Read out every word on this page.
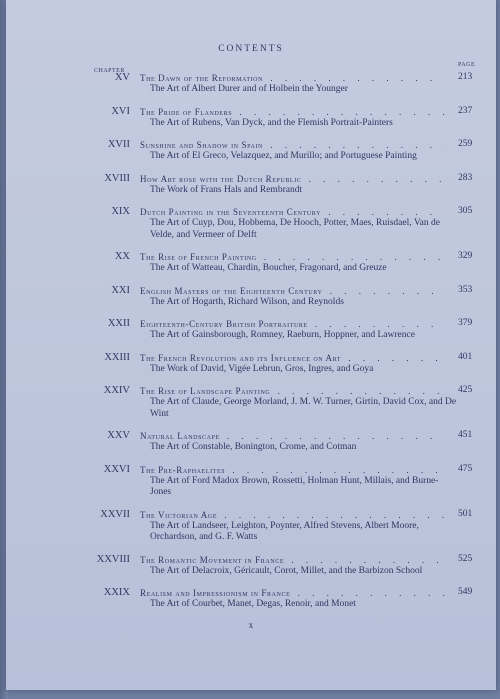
CONTENTS
PAGE
CHAPTER
XV The Dawn of the Reformation . . .	213
The Art of Albert Durer and of Holbein the Younger
XVI The Pride of Flanders . . .	237
The Art of Rubens, Van Dyck, and the Flemish Portrait-Painters
XVII Sunshine and Shadow in Spain . . .	259
The Art of El Greco, Velazquez, and Murillo; and Portuguese Painting
XVIII How Art rose with the Dutch Republic . . .	283
The Work of Frans Hals and Rembrandt
XIX Dutch Painting in the Seventeenth Century . . .	305
The Art of Cuyp, Dou, Hobbema, De Hooch, Potter, Maes, Ruisdael, Van de Velde, and Vermeer of Delft
XX The Rise of French Painting . . .	329
The Art of Watteau, Chardin, Boucher, Fragonard, and Greuze
XXI English Masters of the Eighteenth Century . . .	353
The Art of Hogarth, Richard Wilson, and Reynolds
XXII Eighteenth-Century British Portraiture . . .	379
The Art of Gainsborough, Romney, Raeburn, Hoppner, and Lawrence
XXIII The French Revolution and its Influence on Art . . .	401
The Work of David, Vigée Lebrun, Gros, Ingres, and Goya
XXIV The Rise of Landscape Painting . . .	425
The Art of Claude, George Morland, J. M. W. Turner, Girtin, David Cox, and De Wint
XXV Natural Landscape . . .	451
The Art of Constable, Bonington, Crome, and Cotman
XXVI The Pre-Raphaelites . . .	475
The Art of Ford Madox Brown, Rossetti, Holman Hunt, Millais, and Burne-Jones
XXVII The Victorian Age . . .	501
The Art of Landseer, Leighton, Poynter, Alfred Stevens, Albert Moore, Orchardson, and G. F. Watts
XXVIII The Romantic Movement in France . . .	525
The Art of Delacroix, Géricault, Corot, Millet, and the Barbizon School
XXIX Realism and Impressionism in France . . .	549
The Art of Courbet, Manet, Degas, Renoir, and Monet
x
